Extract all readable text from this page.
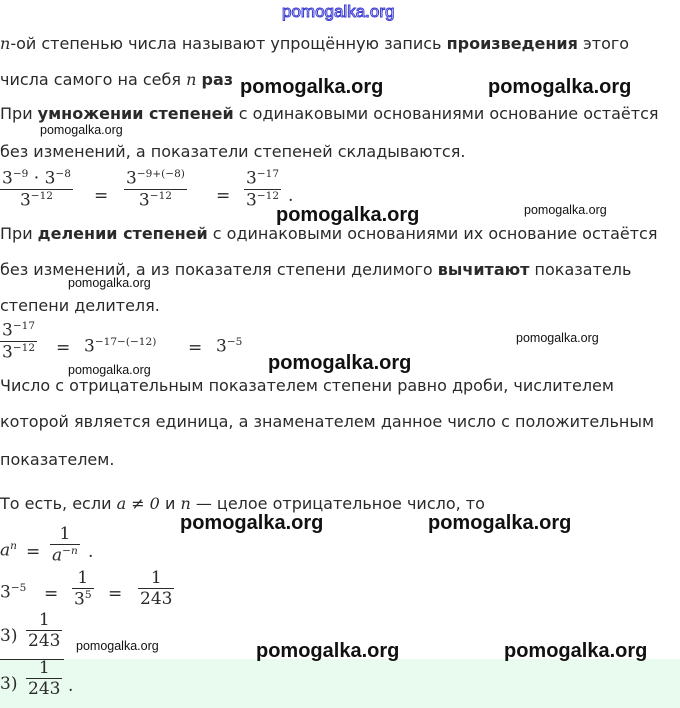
pomogalka.org
n-ой степенью числа называют упрощённую запись произведения этого
числа самого на себя n раз
При умножении степеней с одинаковыми основаниями основание остаётся
без изменений, а показатели степеней складываются.
$\frac{3^{-9} \cdot 3^{-8}}{3^{-12}} = \frac{3^{-9+(-8)}}{3^{-12}} = \frac{3^{-17}}{3^{-12}}$ .
При делении степеней с одинаковыми основаниями их основание остаётся
без изменений, а из показателя степени делимого вычитают показатель
степени делителя.
$\frac{3^{-17}}{3^{-12}} = 3^{-17-(-12)} = 3^{-5}$
Число с отрицательным показателем степени равно дроби, числителем
которой является единица, а знаменателем данное число с положительным
показателем.
То есть, если a ≠ 0 и n — целое отрицательное число, то
$a^n = \frac{1}{a^{-n}}$ .
$3^{-5} = \frac{1}{3^5} = \frac{1}{243}$
$3) \frac{1}{243}$
$3) \frac{1}{243}$ .
pomogalka.org	pomogalka.org
pomogalka.org
pomogalka.org	pomogalka.org
pomogalka.org
pomogalka.org
pomogalka.org
pomogalka.org
pomogalka.org	pomogalka.org
pomogalka.org	pomogalka.org	pomogalka.org
